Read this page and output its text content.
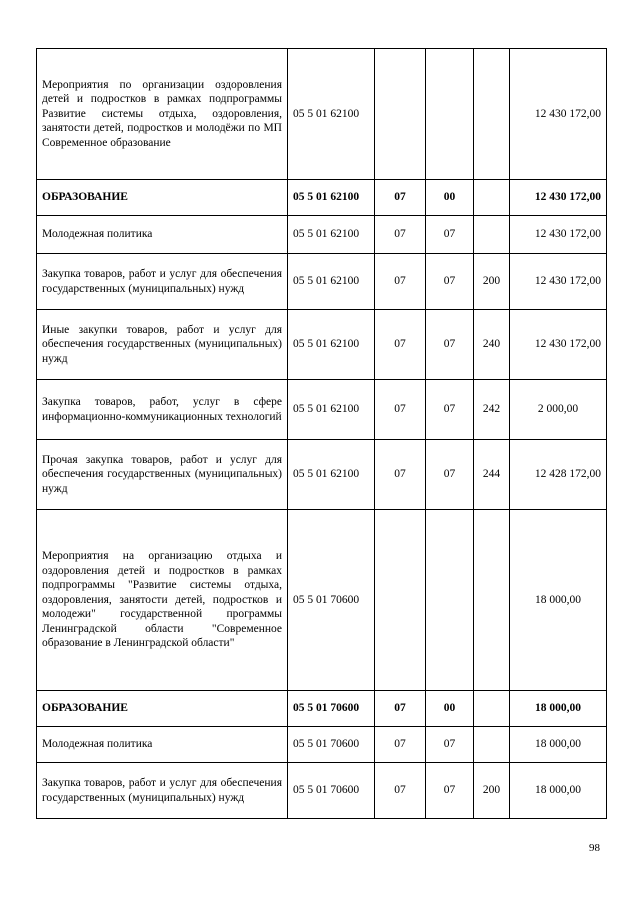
Мероприятия по организации оздоровления детей и подростков в рамках подпрограммы Развитие системы отдыха, оздоровления, занятости детей, подростков и молодёжи по МП Современное образование	05 5 01 62100				12 430 172,00
ОБРАЗОВАНИЕ	05 5 01 62100	07	00		12 430 172,00
Молодежная политика	05 5 01 62100	07	07		12 430 172,00
Закупка товаров, работ и услуг для обеспечения государственных (муниципальных) нужд	05 5 01 62100	07	07	200	12 430 172,00
Иные закупки товаров, работ и услуг для обеспечения государственных (муниципальных) нужд	05 5 01 62100	07	07	240	12 430 172,00
Закупка товаров, работ, услуг в сфере информационно-коммуникационных технологий	05 5 01 62100	07	07	242	2 000,00
Прочая закупка товаров, работ и услуг для обеспечения государственных (муниципальных) нужд	05 5 01 62100	07	07	244	12 428 172,00
Мероприятия на организацию отдыха и оздоровления детей и подростков в рамках подпрограммы "Развитие системы отдыха, оздоровления, занятости детей, подростков и молодежи" государственной программы Ленинградской области "Современное образование в Ленинградской области"	05 5 01 70600				18 000,00
ОБРАЗОВАНИЕ	05 5 01 70600	07	00		18 000,00
Молодежная политика	05 5 01 70600	07	07		18 000,00
Закупка товаров, работ и услуг для обеспечения государственных (муниципальных) нужд	05 5 01 70600	07	07	200	18 000,00
98
